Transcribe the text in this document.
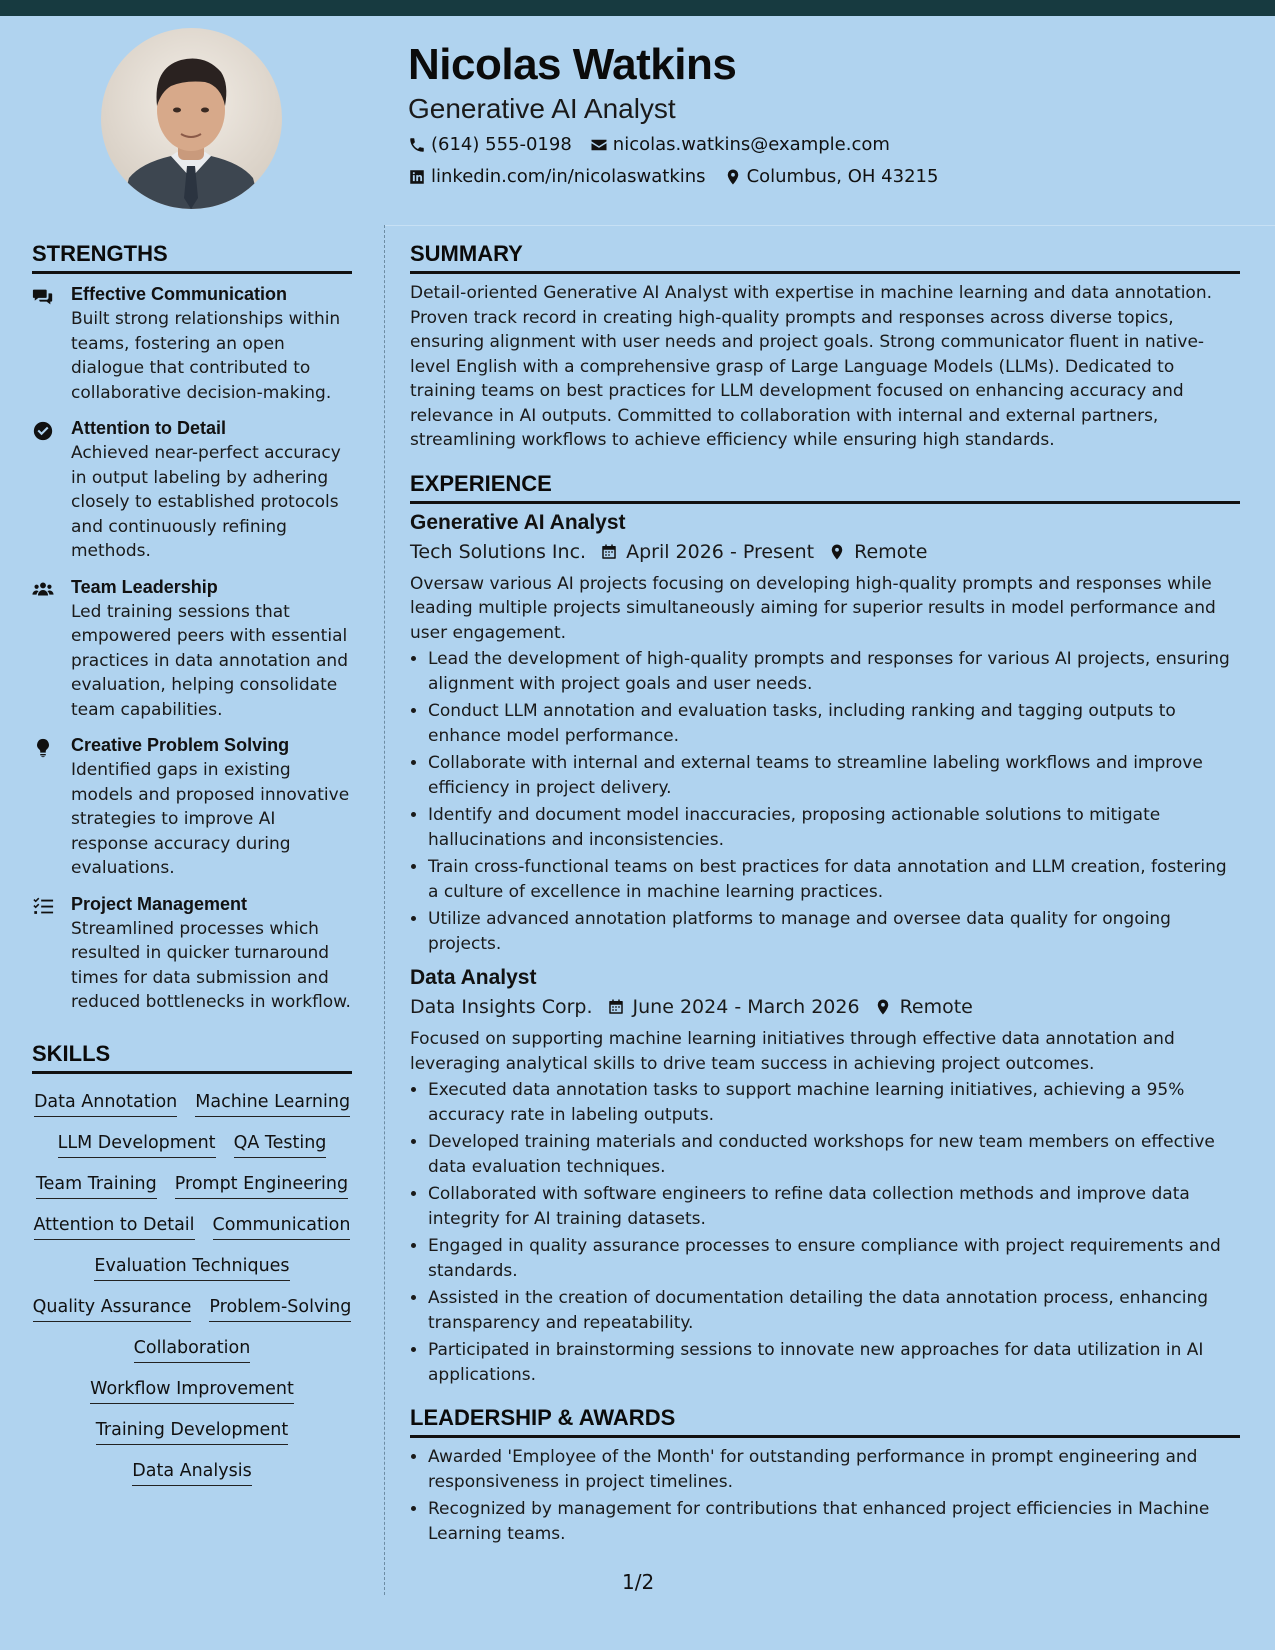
Nicolas Watkins
Generative AI Analyst
(614) 555-0198 nicolas.watkins@example.com
linkedin.com/in/nicolaswatkins Columbus, OH 43215
STRENGTHS
Effective Communication
Built strong relationships within teams, fostering an open dialogue that contributed to collaborative decision-making.
Attention to Detail
Achieved near-perfect accuracy in output labeling by adhering closely to established protocols and continuously refining methods.
Team Leadership
Led training sessions that empowered peers with essential practices in data annotation and evaluation, helping consolidate team capabilities.
Creative Problem Solving
Identified gaps in existing models and proposed innovative strategies to improve AI response accuracy during evaluations.
Project Management
Streamlined processes which resulted in quicker turnaround times for data submission and reduced bottlenecks in workflow.
SKILLS
Data Annotation Machine Learning
LLM Development QA Testing
Team Training Prompt Engineering
Attention to Detail Communication
Evaluation Techniques
Quality Assurance Problem-Solving
Collaboration
Workflow Improvement
Training Development
Data Analysis
SUMMARY

Detail-oriented Generative AI Analyst with expertise in machine learning and data annotation. Proven track record in creating high-quality prompts and responses across diverse topics, ensuring alignment with user needs and project goals. Strong communicator fluent in native-level English with a comprehensive grasp of Large Language Models (LLMs). Dedicated to training teams on best practices for LLM development focused on enhancing accuracy and relevance in AI outputs. Committed to collaboration with internal and external partners, streamlining workflows to achieve efficiency while ensuring high standards.

EXPERIENCE
Generative AI Analyst
Tech Solutions Inc. April 2026 - Present Remote

Oversaw various AI projects focusing on developing high-quality prompts and responses while leading multiple projects simultaneously aiming for superior results in model performance and user engagement.

• Lead the development of high-quality prompts and responses for various AI projects, ensuring alignment with project goals and user needs.
• Conduct LLM annotation and evaluation tasks, including ranking and tagging outputs to enhance model performance.
• Collaborate with internal and external teams to streamline labeling workflows and improve efficiency in project delivery.
• Identify and document model inaccuracies, proposing actionable solutions to mitigate hallucinations and inconsistencies.
• Train cross-functional teams on best practices for data annotation and LLM creation, fostering a culture of excellence in machine learning practices.
• Utilize advanced annotation platforms to manage and oversee data quality for ongoing projects.
Data Analyst
Data Insights Corp. June 2024 - March 2026 Remote

Focused on supporting machine learning initiatives through effective data annotation and leveraging analytical skills to drive team success in achieving project outcomes.

• Executed data annotation tasks to support machine learning initiatives, achieving a 95% accuracy rate in labeling outputs.
• Developed training materials and conducted workshops for new team members on effective data evaluation techniques.
• Collaborated with software engineers to refine data collection methods and improve data integrity for AI training datasets.
• Engaged in quality assurance processes to ensure compliance with project requirements and standards.
• Assisted in the creation of documentation detailing the data annotation process, enhancing transparency and repeatability.
• Participated in brainstorming sessions to innovate new approaches for data utilization in AI applications.
LEADERSHIP & AWARDS
• Awarded 'Employee of the Month' for outstanding performance in prompt engineering and responsiveness in project timelines.
• Recognized by management for contributions that enhanced project efficiencies in Machine Learning teams.
1/2
